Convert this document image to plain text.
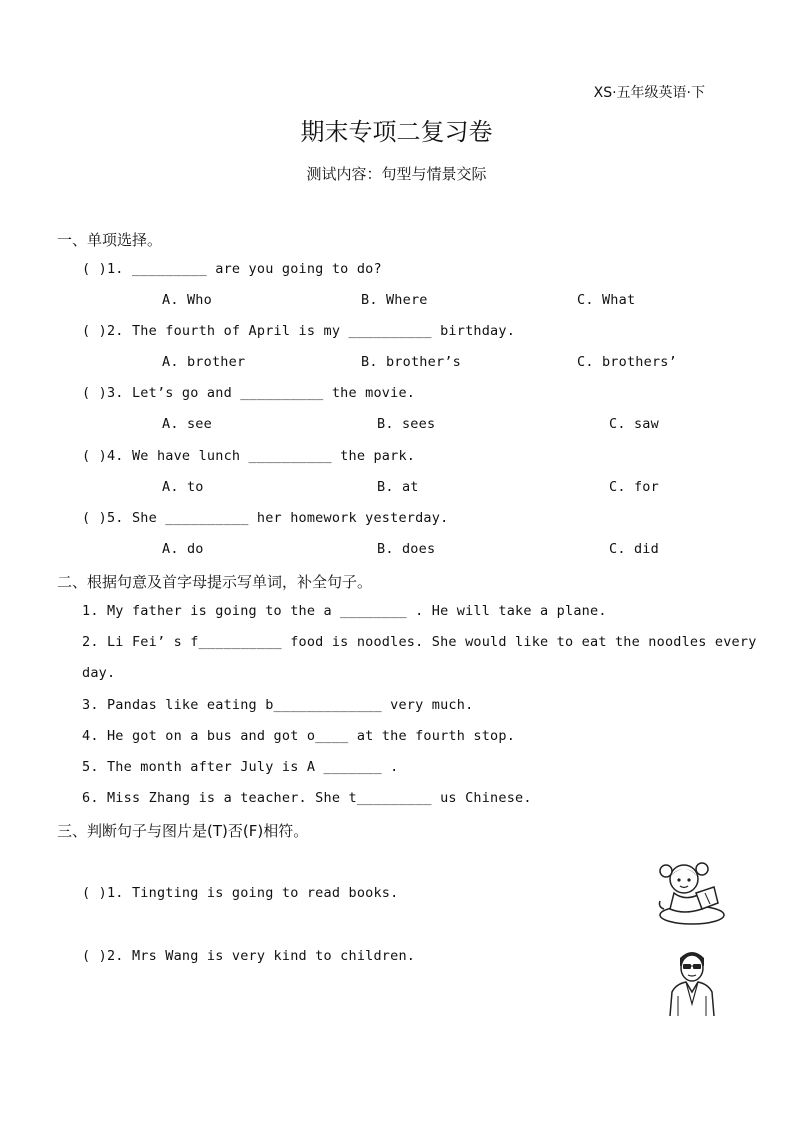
XS·五年级英语·下
期末专项二复习卷
测试内容：句型与情景交际
一、单项选择。
( )1. _________ are you going to do?
A. Who	B. Where	C. What
( )2. The fourth of April is my __________ birthday.
A. brother	B. brother’s	C. brothers’
( )3. Let’s go and __________ the movie.
A. see	B. sees	C. saw
( )4. We have lunch __________ the park.
A. to	B. at	C. for
( )5. She __________ her homework yesterday.
A. do	B. does	C. did
二、根据句意及首字母提示写单词，补全句子。
1. My father is going to the a ________ . He will take a plane.
2. Li Fei’ s f__________ food is noodles. She would like to eat the noodles every
day.
3. Pandas like eating b_____________ very much.
4. He got on a bus and got o____ at the fourth stop.
5. The month after July is A _______ .
6. Miss Zhang is a teacher. She t_________ us Chinese.
三、判断句子与图片是(T)否(F)相符。
( )1. Tingting is going to read books.
( )2. Mrs Wang is very kind to children.
